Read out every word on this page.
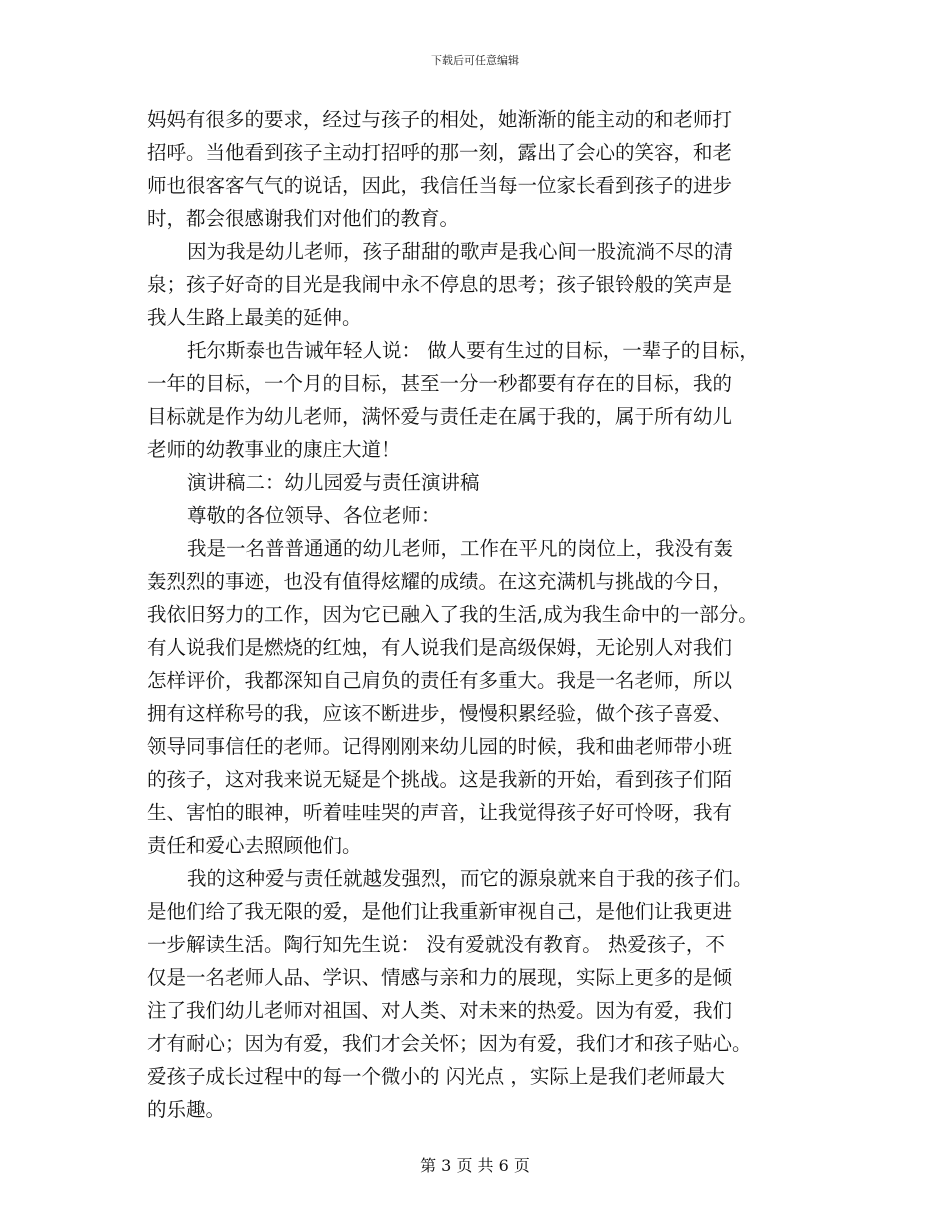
下载后可任意编辑
妈妈有很多的要求，经过与孩子的相处，她渐渐的能主动的和老师打
招呼。当他看到孩子主动打招呼的那一刻，露出了会心的笑容，和老
师也很客客气气的说话，因此，我信任当每一位家长看到孩子的进步
时，都会很感谢我们对他们的教育。
因为我是幼儿老师，孩子甜甜的歌声是我心间一股流淌不尽的清
泉；孩子好奇的目光是我闹中永不停息的思考；孩子银铃般的笑声是
我人生路上最美的延伸。
托尔斯泰也告诫年轻人说： 做人要有生过的目标，一辈子的目标，
一年的目标，一个月的目标，甚至一分一秒都要有存在的目标，我的
目标就是作为幼儿老师，满怀爱与责任走在属于我的，属于所有幼儿
老师的幼教事业的康庄大道！
演讲稿二：幼儿园爱与责任演讲稿
尊敬的各位领导、各位老师：
我是一名普普通通的幼儿老师，工作在平凡的岗位上，我没有轰
轰烈烈的事迹，也没有值得炫耀的成绩。在这充满机与挑战的今日，
我依旧努力的工作，因为它已融入了我的生活,成为我生命中的一部分。
有人说我们是燃烧的红烛，有人说我们是高级保姆，无论别人对我们
怎样评价，我都深知自己肩负的责任有多重大。我是一名老师，所以
拥有这样称号的我，应该不断进步，慢慢积累经验，做个孩子喜爱、
领导同事信任的老师。记得刚刚来幼儿园的时候，我和曲老师带小班
的孩子，这对我来说无疑是个挑战。这是我新的开始，看到孩子们陌
生、害怕的眼神，听着哇哇哭的声音，让我觉得孩子好可怜呀，我有
责任和爱心去照顾他们。
我的这种爱与责任就越发强烈，而它的源泉就来自于我的孩子们。
是他们给了我无限的爱，是他们让我重新审视自己，是他们让我更进
一步解读生活。陶行知先生说： 没有爱就没有教育。 热爱孩子，不
仅是一名老师人品、学识、情感与亲和力的展现，实际上更多的是倾
注了我们幼儿老师对祖国、对人类、对未来的热爱。因为有爱，我们
才有耐心；因为有爱，我们才会关怀；因为有爱，我们才和孩子贴心。
爱孩子成长过程中的每一个微小的 闪光点 ，实际上是我们老师最大
的乐趣。
第 3 页 共 6 页
